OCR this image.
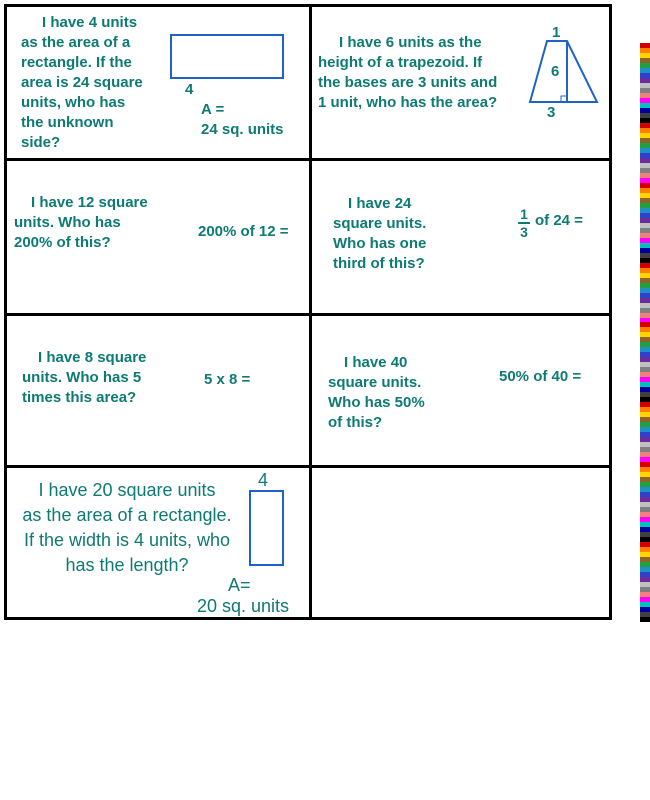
I have 4 units
as the area of a
rectangle. If the
area is 24 square
units, who has
the unknown
side?
4
A =
24 sq. units
I have 6 units as the
height of a trapezoid. If
the bases are 3 units and
1 unit, who has the area?
1
6
3
I have 12 square
units. Who has
200% of this?
200% of 12 =
I have 24
square units.
Who has one
third of this?
1
3
of 24 =
I have 8 square
units. Who has 5
times this area?
5 x 8 =
I have 40
square units.
Who has 50%
of this?
50% of 40 =
I have 20 square units
as the area of a rectangle.
If the width is 4 units, who
has the length?
4
A=
20 sq. units
